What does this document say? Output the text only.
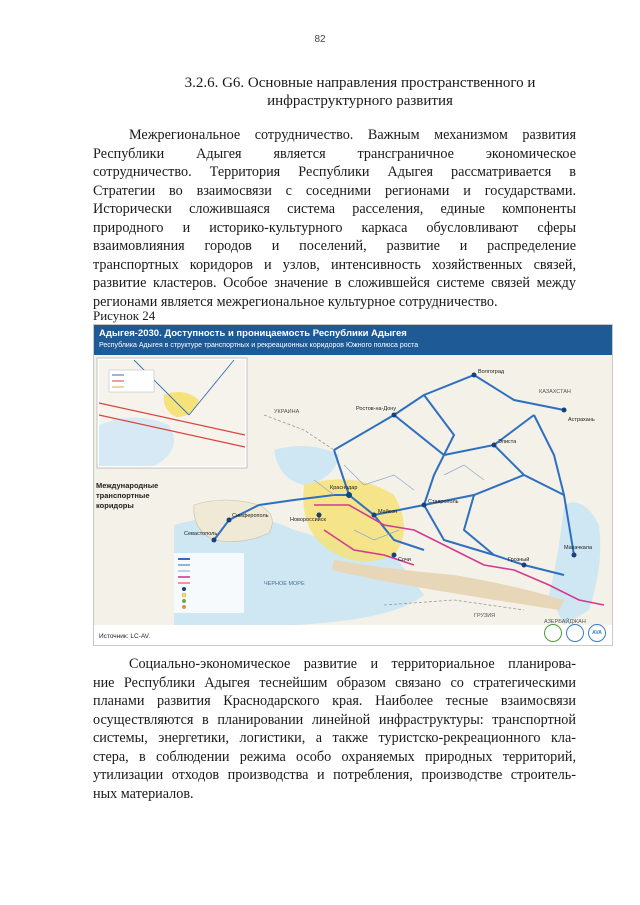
82
3.2.6. G6. Основные направления пространственного и
инфраструктурного развития
Межрегиональное сотрудничество. Важным механизмом развития
Республики Адыгея является трансграничное экономическое
сотрудничество. Территория Республики Адыгея рассматривается в
Стратегии во взаимосвязи с соседними регионами и государствами.
Исторически сложившаяся система расселения, единые компоненты
природного и историко-культурного каркаса обусловливают сферы
взаимовлияния городов и поселений, развитие и распределение
транспортных коридоров и узлов, интенсивность хозяйственных связей,
развитие кластеров. Особое значение в сложившейся системе связей между
регионами является межрегиональное культурное сотрудничество.
Рисунок 24
Адыгея-2030. Доступность и проницаемость Республики Адыгея
Республика Адыгея в структуре транспортных и рекреационных коридоров Южного полюса роста
Волгоград
КАЗАХСТАН
УКРАИНА	Ростов-на-Дону
Элиста
Ставрополь
Краснодар
Майкоп
Новороссийск
Сочи
Симферополь
Севастополь
Грозный
Махачкала
Астрахань
ЧЕРНОЕ МОРЕ
ГРУЗИЯ
АЗЕРБАЙДЖАН
Международные
транспортные
коридоры
Источник: LC-AV.	AVA
Социально-экономическое развитие и территориальное планирова-
ние Республики Адыгея теснейшим образом связано со стратегическими
планами развития Краснодарского края. Наиболее тесные взаимосвязи
осуществляются в планировании линейной инфраструктуры: транспортной
системы, энергетики, логистики, а также туристско-рекреационного кла-
стера, в соблюдении режима особо охраняемых природных территорий,
утилизации отходов производства и потребления, производстве строитель-
ных материалов.
